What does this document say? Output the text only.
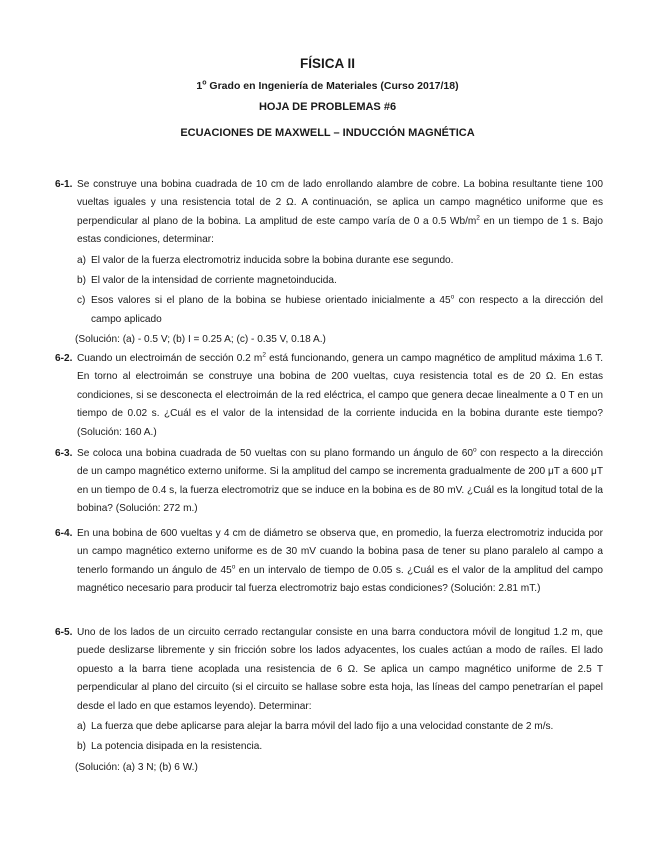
FÍSICA II
1$^o$ Grado en Ingeniería de Materiales (Curso 2017/18)
HOJA DE PROBLEMAS #6
ECUACIONES DE MAXWELL – INDUCCIÓN MAGNÉTICA
6-1. Se construye una bobina cuadrada de 10 cm de lado enrollando alambre de cobre. La bobina resultante tiene 100 vueltas iguales y una resistencia total de 2 Ω. A continuación, se aplica un campo magnético uniforme que es perpendicular al plano de la bobina. La amplitud de este campo varía de 0 a 0.5 $Wb/m^2$ en un tiempo de 1 s. Bajo estas condiciones, determinar:
a) El valor de la fuerza electromotriz inducida sobre la bobina durante ese segundo.
b) El valor de la intensidad de corriente magnetoinducida.
c) Esos valores si el plano de la bobina se hubiese orientado inicialmente a 45$^o$ con respecto a la dirección del campo aplicado
(Solución: (a) - 0.5 V; (b) I = 0.25 A; (c) - 0.35 V, 0.18 A.)
6-2. Cuando un electroimán de sección 0.2 $m^2$ está funcionando, genera un campo magnético de amplitud máxima 1.6 T. En torno al electroimán se construye una bobina de 200 vueltas, cuya resistencia total es de 20 Ω. En estas condiciones, si se desconecta el electroimán de la red eléctrica, el campo que genera decae linealmente a 0 T en un tiempo de 0.02 s. ¿Cuál es el valor de la intensidad de la corriente inducida en la bobina durante este tiempo? (Solución: 160 A.)
6-3. Se coloca una bobina cuadrada de 50 vueltas con su plano formando un ángulo de 60$^o$ con respecto a la dirección de un campo magnético externo uniforme. Si la amplitud del campo se incrementa gradualmente de 200 μT a 600 μT en un tiempo de 0.4 s, la fuerza electromotriz que se induce en la bobina es de 80 mV. ¿Cuál es la longitud total de la bobina? (Solución: 272 m.)
6-4. En una bobina de 600 vueltas y 4 cm de diámetro se observa que, en promedio, la fuerza electromotriz inducida por un campo magnético externo uniforme es de 30 mV cuando la bobina pasa de tener su plano paralelo al campo a tenerlo formando un ángulo de 45$^o$ en un intervalo de tiempo de 0.05 s. ¿Cuál es el valor de la amplitud del campo magnético necesario para producir tal fuerza electromotriz bajo estas condiciones? (Solución: 2.81 mT.)
6-5. Uno de los lados de un circuito cerrado rectangular consiste en una barra conductora móvil de longitud 1.2 m, que puede deslizarse libremente y sin fricción sobre los lados adyacentes, los cuales actúan a modo de raíles. El lado opuesto a la barra tiene acoplada una resistencia de 6 Ω. Se aplica un campo magnético uniforme de 2.5 T perpendicular al plano del circuito (si el circuito se hallase sobre esta hoja, las líneas del campo penetrarían el papel desde el lado en que estamos leyendo). Determinar:
a) La fuerza que debe aplicarse para alejar la barra móvil del lado fijo a una velocidad constante de 2 m/s.
b) La potencia disipada en la resistencia.
(Solución: (a) 3 N; (b) 6 W.)
